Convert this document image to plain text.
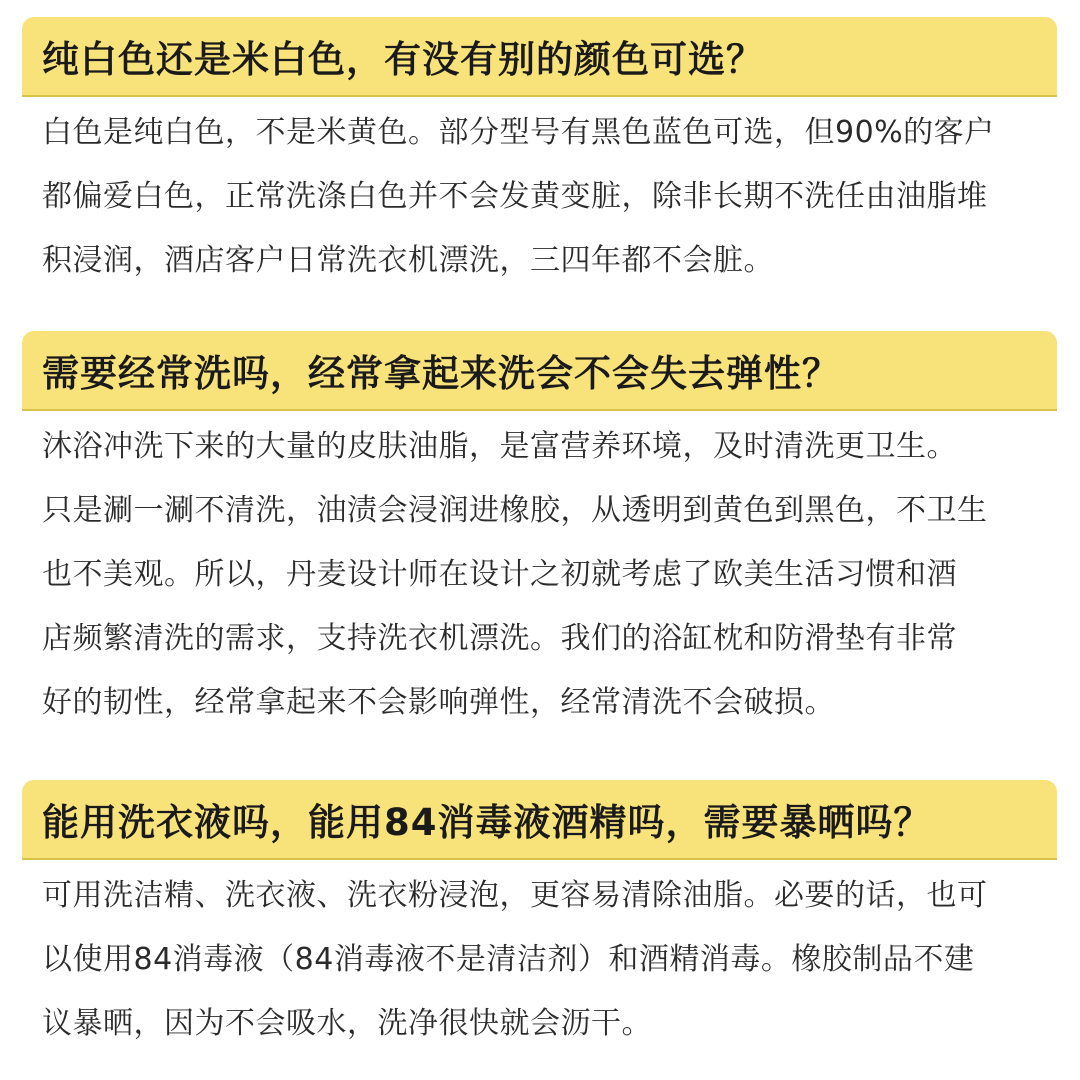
纯白色还是米白色，有没有别的颜色可选？
白色是纯白色，不是米黄色。部分型号有黑色蓝色可选，但90%的客户
都偏爱白色，正常洗涤白色并不会发黄变脏，除非长期不洗任由油脂堆
积浸润，酒店客户日常洗衣机漂洗，三四年都不会脏。
需要经常洗吗，经常拿起来洗会不会失去弹性？
沐浴冲洗下来的大量的皮肤油脂，是富营养环境，及时清洗更卫生。
只是涮一涮不清洗，油渍会浸润进橡胶，从透明到黄色到黑色，不卫生
也不美观。所以，丹麦设计师在设计之初就考虑了欧美生活习惯和酒
店频繁清洗的需求，支持洗衣机漂洗。我们的浴缸枕和防滑垫有非常
好的韧性，经常拿起来不会影响弹性，经常清洗不会破损。
能用洗衣液吗，能用84消毒液酒精吗，需要暴晒吗？
可用洗洁精、洗衣液、洗衣粉浸泡，更容易清除油脂。必要的话，也可
以使用84消毒液（84消毒液不是清洁剂）和酒精消毒。橡胶制品不建
议暴晒，因为不会吸水，洗净很快就会沥干。
